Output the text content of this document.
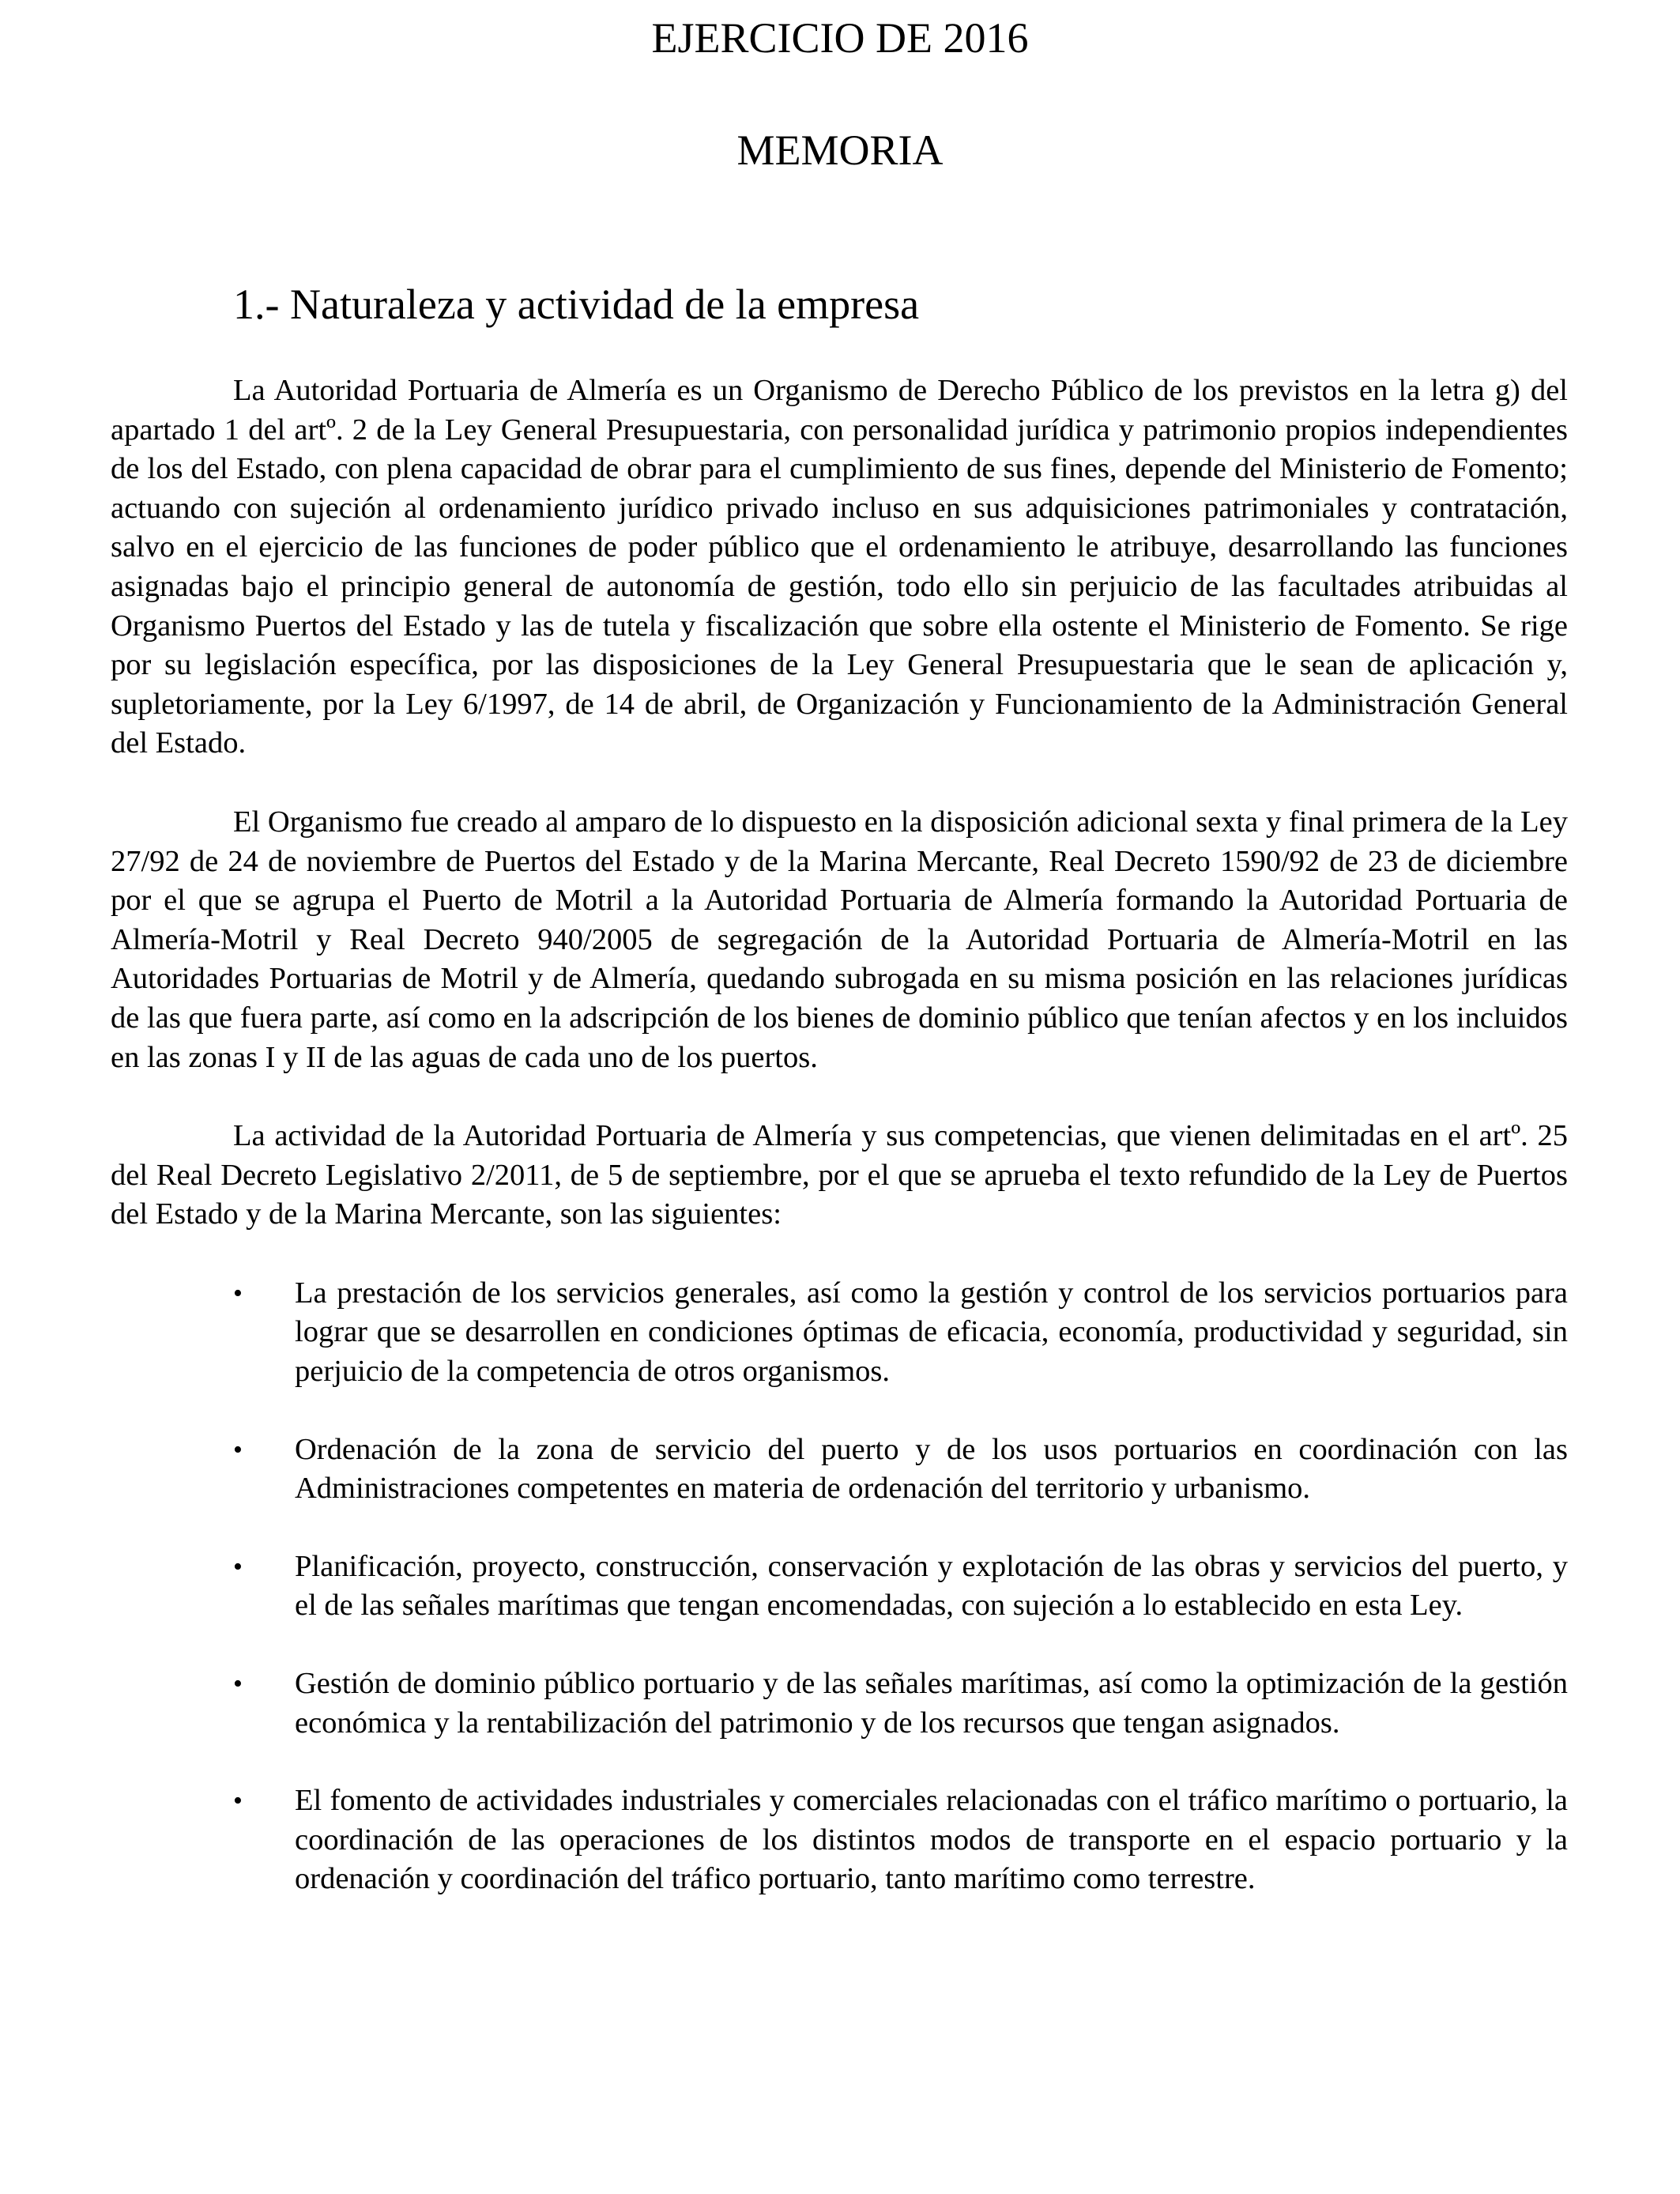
EJERCICIO DE 2016
MEMORIA
1.- Naturaleza y actividad de la empresa

La Autoridad Portuaria de Almería es un Organismo de Derecho Público de los previstos en la letra g) del apartado 1 del artº. 2 de la Ley General Presupuestaria, con personalidad jurídica y patrimonio propios independientes de los del Estado, con plena capacidad de obrar para el cumplimiento de sus fines, depende del Ministerio de Fomento; actuando con sujeción al ordenamiento jurídico privado incluso en sus adquisiciones patrimoniales y contratación, salvo en el ejercicio de las funciones de poder público que el ordenamiento le atribuye, desarrollando las funciones asignadas bajo el principio general de autonomía de gestión, todo ello sin perjuicio de las facultades atribuidas al Organismo Puertos del Estado y las de tutela y fiscalización que sobre ella ostente el Ministerio de Fomento. Se rige por su legislación específica, por las disposiciones de la Ley General Presupuestaria que le sean de aplicación y, supletoriamente, por la Ley 6/1997, de 14 de abril, de Organización y Funcionamiento de la Administración General del Estado.

El Organismo fue creado al amparo de lo dispuesto en la disposición adicional sexta y final primera de la Ley 27/92 de 24 de noviembre de Puertos del Estado y de la Marina Mercante, Real Decreto 1590/92 de 23 de diciembre por el que se agrupa el Puerto de Motril a la Autoridad Portuaria de Almería formando la Autoridad Portuaria de Almería-Motril y Real Decreto 940/2005 de segregación de la Autoridad Portuaria de Almería-Motril en las Autoridades Portuarias de Motril y de Almería, quedando subrogada en su misma posición en las relaciones jurídicas de las que fuera parte, así como en la adscripción de los bienes de dominio público que tenían afectos y en los incluidos en las zonas I y II de las aguas de cada uno de los puertos.

La actividad de la Autoridad Portuaria de Almería y sus competencias, que vienen delimitadas en el artº. 25 del Real Decreto Legislativo 2/2011, de 5 de septiembre, por el que se aprueba el texto refundido de la Ley de Puertos del Estado y de la Marina Mercante, son las siguientes:

• La prestación de los servicios generales, así como la gestión y control de los servicios portuarios para lograr que se desarrollen en condiciones óptimas de eficacia, economía, productividad y seguridad, sin perjuicio de la competencia de otros organismos.
• Ordenación de la zona de servicio del puerto y de los usos portuarios en coordinación con las Administraciones competentes en materia de ordenación del territorio y urbanismo.
• Planificación, proyecto, construcción, conservación y explotación de las obras y servicios del puerto, y el de las señales marítimas que tengan encomendadas, con sujeción a lo establecido en esta Ley.
• Gestión de dominio público portuario y de las señales marítimas, así como la optimización de la gestión económica y la rentabilización del patrimonio y de los recursos que tengan asignados.
• El fomento de actividades industriales y comerciales relacionadas con el tráfico marítimo o portuario, la coordinación de las operaciones de los distintos modos de transporte en el espacio portuario y la ordenación y coordinación del tráfico portuario, tanto marítimo como terrestre.
